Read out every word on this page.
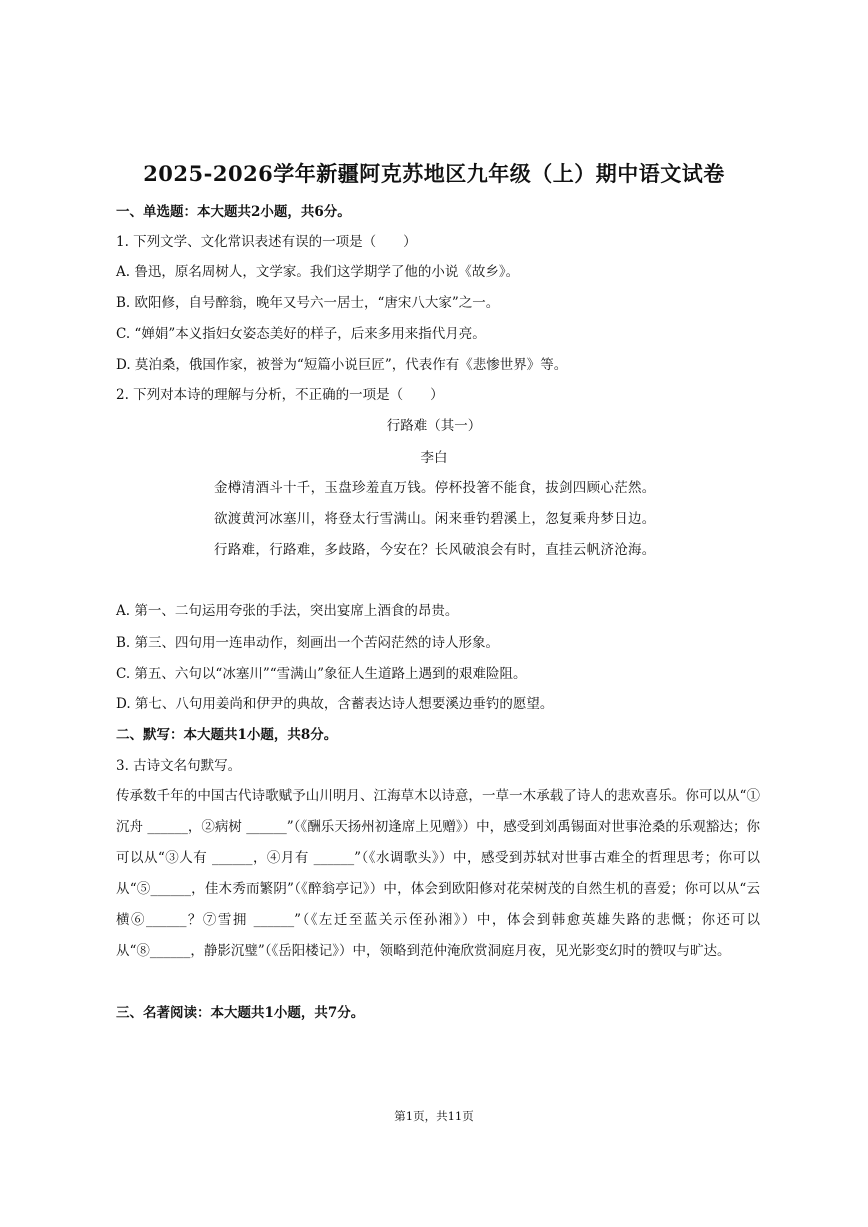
2025-2026学年新疆阿克苏地区九年级（上）期中语文试卷
一、单选题：本大题共2小题，共6分。
1. 下列文学、文化常识表述有误的一项是（　　）
A. 鲁迅，原名周树人，文学家。我们这学期学了他的小说《故乡》。
B. 欧阳修，自号醉翁，晚年又号六一居士，“唐宋八大家”之一。
C. “婵娟”本义指妇女姿态美好的样子，后来多用来指代月亮。
D. 莫泊桑，俄国作家，被誉为“短篇小说巨匠”，代表作有《悲惨世界》等。
2. 下列对本诗的理解与分析，不正确的一项是（　　）
行路难（其一）
李白
金樽清酒斗十千，玉盘珍羞直万钱。停杯投箸不能食，拔剑四顾心茫然。
欲渡黄河冰塞川，将登太行雪满山。闲来垂钓碧溪上，忽复乘舟梦日边。
行路难，行路难，多歧路，今安在？长风破浪会有时，直挂云帆济沧海。
A. 第一、二句运用夸张的手法，突出宴席上酒食的昂贵。
B. 第三、四句用一连串动作，刻画出一个苦闷茫然的诗人形象。
C. 第五、六句以“冰塞川”“雪满山”象征人生道路上遇到的艰难险阻。
D. 第七、八句用姜尚和伊尹的典故，含蓄表达诗人想要溪边垂钓的愿望。
二、默写：本大题共1小题，共8分。
3. 古诗文名句默写。
传承数千年的中国古代诗歌赋予山川明月、江海草木以诗意，一草一木承载了诗人的悲欢喜乐。你可以从“①沉舟 ______，②病树 ______”（《酬乐天扬州初逢席上见赠》）中，感受到刘禹锡面对世事沧桑的乐观豁达；你可以从“③人有 ______，④月有 ______”（《水调歌头》）中，感受到苏轼对世事古难全的哲理思考；你可以从“⑤______，佳木秀而繁阴”（《醉翁亭记》）中，体会到欧阳修对花荣树茂的自然生机的喜爱；你可以从“云横⑥______？⑦雪拥 ______”（《左迁至蓝关示侄孙湘》）中，体会到韩愈英雄失路的悲慨；你还可以从“⑧______，静影沉璧”（《岳阳楼记》）中，领略到范仲淹欣赏洞庭月夜，见光影变幻时的赞叹与旷达。
三、名著阅读：本大题共1小题，共7分。
第1页，共11页
